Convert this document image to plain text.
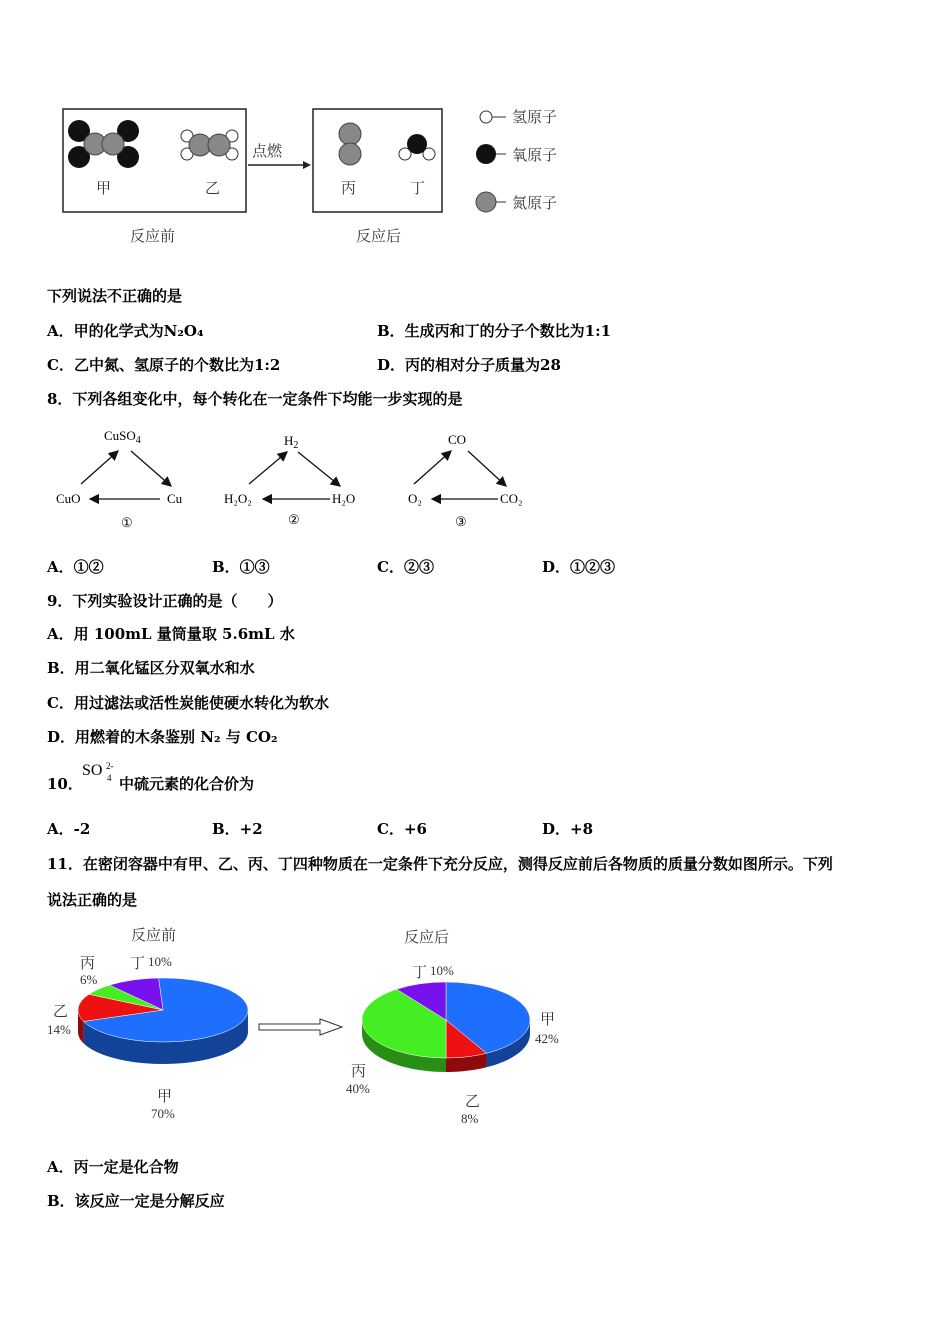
甲	乙	丙	丁
点燃
反应前	反应后
氢原子
氧原子
氮原子
下列说法不正确的是
A．甲的化学式为N₂O₄	B．生成丙和丁的分子个数比为1:1
C．乙中氮、氢原子的个数比为1:2	D．丙的相对分子质量为28
8．下列各组变化中，每个转化在一定条件下均能一步实现的是
CuSO$_4$
CuO	Cu
①
$H_2$
H₂O₂	H₂O
②
CO
O₂	CO₂
③
A．①②	B．①③	C．②③	D．①②③
9．下列实验设计正确的是（　　）
A．用 100mL 量筒量取 5.6mL 水
B．用二氧化锰区分双氧水和水
C．用过滤法或活性炭能使硬水转化为软水
D．用燃着的木条鉴别 N₂ 与 CO₂
10．
SO 2-
4 中硫元素的化合价为
A．-2	B．+2	C．+6	D．+8
11．在密闭容器中有甲、乙、丙、丁四种物质在一定条件下充分反应，测得反应前后各物质的质量分数如图所示。下列
说法正确的是
反应前	反应后
丙
6%
丁 10%
乙
14%
甲
70%
丁 10%
甲
42%
丙
40%
乙
8%
A．丙一定是化合物
B．该反应一定是分解反应
